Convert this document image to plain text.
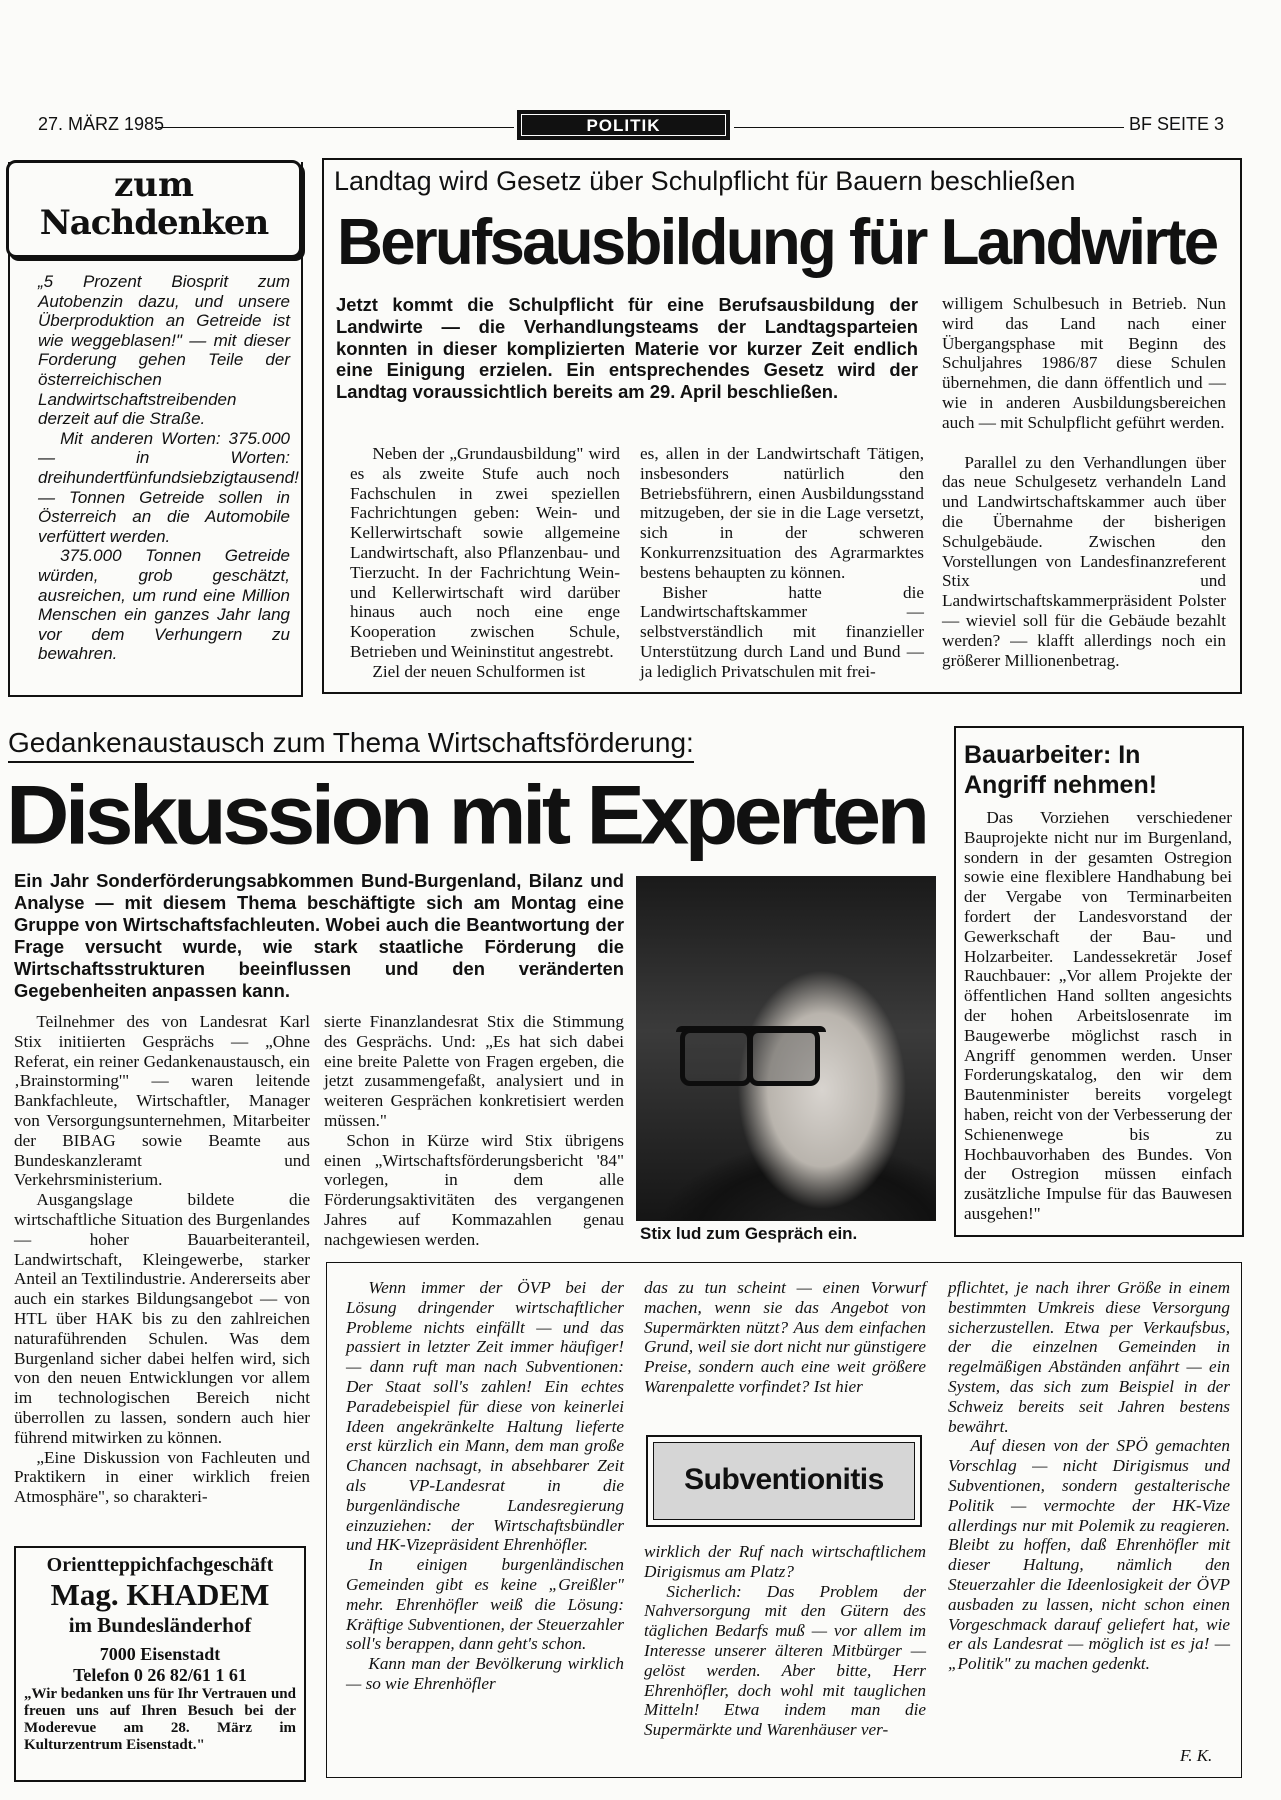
27. MÄRZ 1985	POLITIK	BF SEITE 3
zum
Nachdenken

„5 Prozent Biosprit zum Autobenzin dazu, und unsere Überproduktion an Getreide ist wie weggeblasen!" — mit dieser Forderung gehen Teile der österreichischen Landwirtschaftstreibenden derzeit auf die Straße.

Mit anderen Worten: 375.000 — in Worten: dreihundertfünfundsiebzigtausend! — Tonnen Getreide sollen in Österreich an die Automobile verfüttert werden.

375.000 Tonnen Getreide würden, grob geschätzt, ausreichen, um rund eine Million Menschen ein ganzes Jahr lang vor dem Verhungern zu bewahren.

Landtag wird Gesetz über Schulpflicht für Bauern beschließen
Berufsausbildung für Landwirte
Jetzt kommt die Schulpflicht für eine Berufsausbildung der Landwirte — die Verhandlungsteams der Landtagsparteien konnten in dieser komplizierten Materie vor kurzer Zeit endlich eine Einigung erzielen. Ein entsprechendes Gesetz wird der Landtag voraussichtlich bereits am 29. April beschließen.

Neben der „Grundausbildung" wird es als zweite Stufe auch noch Fachschulen in zwei speziellen Fachrichtungen geben: Wein- und Kellerwirtschaft sowie allgemeine Landwirtschaft, also Pflanzenbau- und Tierzucht. In der Fachrichtung Wein- und Kellerwirtschaft wird darüber hinaus auch noch eine enge Kooperation zwischen Schule, Betrieben und Weininstitut angestrebt.

Ziel der neuen Schulformen ist

es, allen in der Landwirtschaft Tätigen, insbesonders natürlich den Betriebsführern, einen Ausbildungsstand mitzugeben, der sie in die Lage versetzt, sich in der schweren Konkurrenzsituation des Agrarmarktes bestens behaupten zu können.

Bisher hatte die Landwirtschaftskammer — selbstverständlich mit finanzieller Unterstützung durch Land und Bund — ja lediglich Privatschulen mit frei-

willigem Schulbesuch in Betrieb. Nun wird das Land nach einer Übergangsphase mit Beginn des Schuljahres 1986/87 diese Schulen übernehmen, die dann öffentlich und — wie in anderen Ausbildungsbereichen auch — mit Schulpflicht geführt werden.

Parallel zu den Verhandlungen über das neue Schulgesetz verhandeln Land und Landwirtschaftskammer auch über die Übernahme der bisherigen Schulgebäude. Zwischen den Vorstellungen von Landesfinanzreferent Stix und Landwirtschaftskammerpräsident Polster — wieviel soll für die Gebäude bezahlt werden? — klafft allerdings noch ein größerer Millionenbetrag.

Gedankenaustausch zum Thema Wirtschaftsförderung:
Diskussion mit Experten
Ein Jahr Sonderförderungsabkommen Bund-Burgenland, Bilanz und Analyse — mit diesem Thema beschäftigte sich am Montag eine Gruppe von Wirtschaftsfachleuten. Wobei auch die Beantwortung der Frage versucht wurde, wie stark staatliche Förderung die Wirtschaftsstrukturen beeinflussen und den veränderten Gegebenheiten anpassen kann.

Teilnehmer des von Landesrat Karl Stix initiierten Gesprächs — „Ohne Referat, ein reiner Gedankenaustausch, ein ‚Brainstorming'" — waren leitende Bankfachleute, Wirtschaftler, Manager von Versorgungsunternehmen, Mitarbeiter der BIBAG sowie Beamte aus Bundeskanzleramt und Verkehrsministerium.

Ausgangslage bildete die wirtschaftliche Situation des Burgenlandes — hoher Bauarbeiteranteil, Landwirtschaft, Kleingewerbe, starker Anteil an Textilindustrie. Andererseits aber auch ein starkes Bildungsangebot — von HTL über HAK bis zu den zahlreichen naturaführenden Schulen. Was dem Burgenland sicher dabei helfen wird, sich von den neuen Entwicklungen vor allem im technologischen Bereich nicht überrollen zu lassen, sondern auch hier führend mitwirken zu können.

„Eine Diskussion von Fachleuten und Praktikern in einer wirklich freien Atmosphäre", so charakteri-

sierte Finanzlandesrat Stix die Stimmung des Gesprächs. Und: „Es hat sich dabei eine breite Palette von Fragen ergeben, die jetzt zusammengefaßt, analysiert und in weiteren Gesprächen konkretisiert werden müssen."

Schon in Kürze wird Stix übrigens einen „Wirtschaftsförderungsbericht '84" vorlegen, in dem alle Förderungsaktivitäten des vergangenen Jahres auf Kommazahlen genau nachgewiesen werden.	Stix lud zum Gespräch ein.
Bauarbeiter: In Angriff nehmen!
Das Vorziehen verschiedener Bauprojekte nicht nur im Burgenland, sondern in der gesamten Ostregion sowie eine flexiblere Handhabung bei der Vergabe von Terminarbeiten fordert der Landesvorstand der Gewerkschaft der Bau- und Holzarbeiter. Landessekretär Josef Rauchbauer: „Vor allem Projekte der öffentlichen Hand sollten angesichts der hohen Arbeitslosenrate im Baugewerbe möglichst rasch in Angriff genommen werden. Unser Forderungskatalog, den wir dem Bautenminister bereits vorgelegt haben, reicht von der Verbesserung der Schienenwege bis zu Hochbauvorhaben des Bundes. Von der Ostregion müssen einfach zusätzliche Impulse für das Bauwesen ausgehen!"
Orientteppichfachgeschäft
Mag. KHADEM
im Bundesländerhof
7000 Eisenstadt
Telefon 0 26 82/61 1 61
„Wir bedanken uns für Ihr Vertrauen und freuen uns auf Ihren Besuch bei der Moderevue am 28. März im Kulturzentrum Eisenstadt."

Wenn immer der ÖVP bei der Lösung dringender wirtschaftlicher Probleme nichts einfällt — und das passiert in letzter Zeit immer häufiger! — dann ruft man nach Subventionen: Der Staat soll's zahlen! Ein echtes Paradebeispiel für diese von keinerlei Ideen angekränkelte Haltung lieferte erst kürzlich ein Mann, dem man große Chancen nachsagt, in absehbarer Zeit als VP-Landesrat in die burgenländische Landesregierung einzuziehen: der Wirtschaftsbündler und HK-Vizepräsident Ehrenhöfler.

In einigen burgenländischen Gemeinden gibt es keine „Greißler" mehr. Ehrenhöfler weiß die Lösung: Kräftige Subventionen, der Steuerzahler soll's berappen, dann geht's schon.

Kann man der Bevölkerung wirklich — so wie Ehrenhöfler

das zu tun scheint — einen Vorwurf machen, wenn sie das Angebot von Supermärkten nützt? Aus dem einfachen Grund, weil sie dort nicht nur günstigere Preise, sondern auch eine weit größere Warenpalette vorfindet? Ist hier
Subventionitis

wirklich der Ruf nach wirtschaftlichem Dirigismus am Platz?

Sicherlich: Das Problem der Nahversorgung mit den Gütern des täglichen Bedarfs muß — vor allem im Interesse unserer älteren Mitbürger — gelöst werden. Aber bitte, Herr Ehrenhöfler, doch wohl mit tauglichen Mitteln! Etwa indem man die Supermärkte und Warenhäuser ver-

pflichtet, je nach ihrer Größe in einem bestimmten Umkreis diese Versorgung sicherzustellen. Etwa per Verkaufsbus, der die einzelnen Gemeinden in regelmäßigen Abständen anfährt — ein System, das sich zum Beispiel in der Schweiz bereits seit Jahren bestens bewährt.

Auf diesen von der SPÖ gemachten Vorschlag — nicht Dirigismus und Subventionen, sondern gestalterische Politik — vermochte der HK-Vize allerdings nur mit Polemik zu reagieren. Bleibt zu hoffen, daß Ehrenhöfler mit dieser Haltung, nämlich den Steuerzahler die Ideenlosigkeit der ÖVP ausbaden zu lassen, nicht schon einen Vorgeschmack darauf geliefert hat, wie er als Landesrat — möglich ist es ja! — „Politik" zu machen gedenkt.

F. K.
